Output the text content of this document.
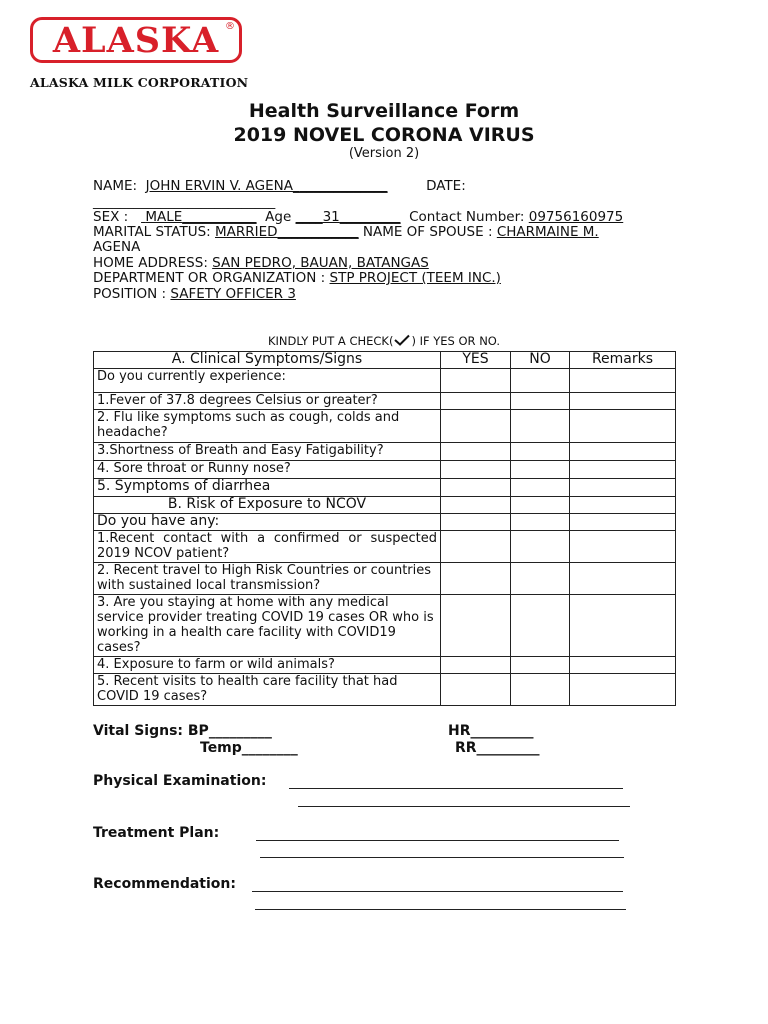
ALASKA ®
ALASKA MILK CORPORATION
Health Surveillance Form
2019 NOVEL CORONA VIRUS
(Version 2)
NAME: JOHN ERVIN V. AGENA______________	DATE:
___________________________
SEX : MALE___________ Age ____31_________ Contact Number: 09756160975
MARITAL STATUS: MARRIED____________ NAME OF SPOUSE : CHARMAINE M.
AGENA
HOME ADDRESS: SAN PEDRO, BAUAN, BATANGAS
DEPARTMENT OR ORGANIZATION : STP PROJECT (TEEM INC.)
POSITION : SAFETY OFFICER 3
KINDLY PUT A CHECK( ) IF YES OR NO.
A. Clinical Symptoms/Signs	YES	NO	Remarks
Do you currently experience:			
1.Fever of 37.8 degrees Celsius or greater?			
2. Flu like symptoms such as cough, colds and headache?			
3.Shortness of Breath and Easy Fatigability?			
4. Sore throat or Runny nose?			
5. Symptoms of diarrhea			
B. Risk of Exposure to NCOV			
Do you have any:			
1.Recent contact with a confirmed or suspected 2019 NCOV patient?			
2. Recent travel to High Risk Countries or countries with sustained local transmission?			
3. Are you staying at home with any medical service provider treating COVID 19 cases OR who is working in a health care facility with COVID19 cases?			
4. Exposure to farm or wild animals?			
5. Recent visits to health care facility that had COVID 19 cases?			
Vital Signs: BP_________	HR_________
Temp________	RR_________
Physical Examination:
Treatment Plan:
Recommendation:
